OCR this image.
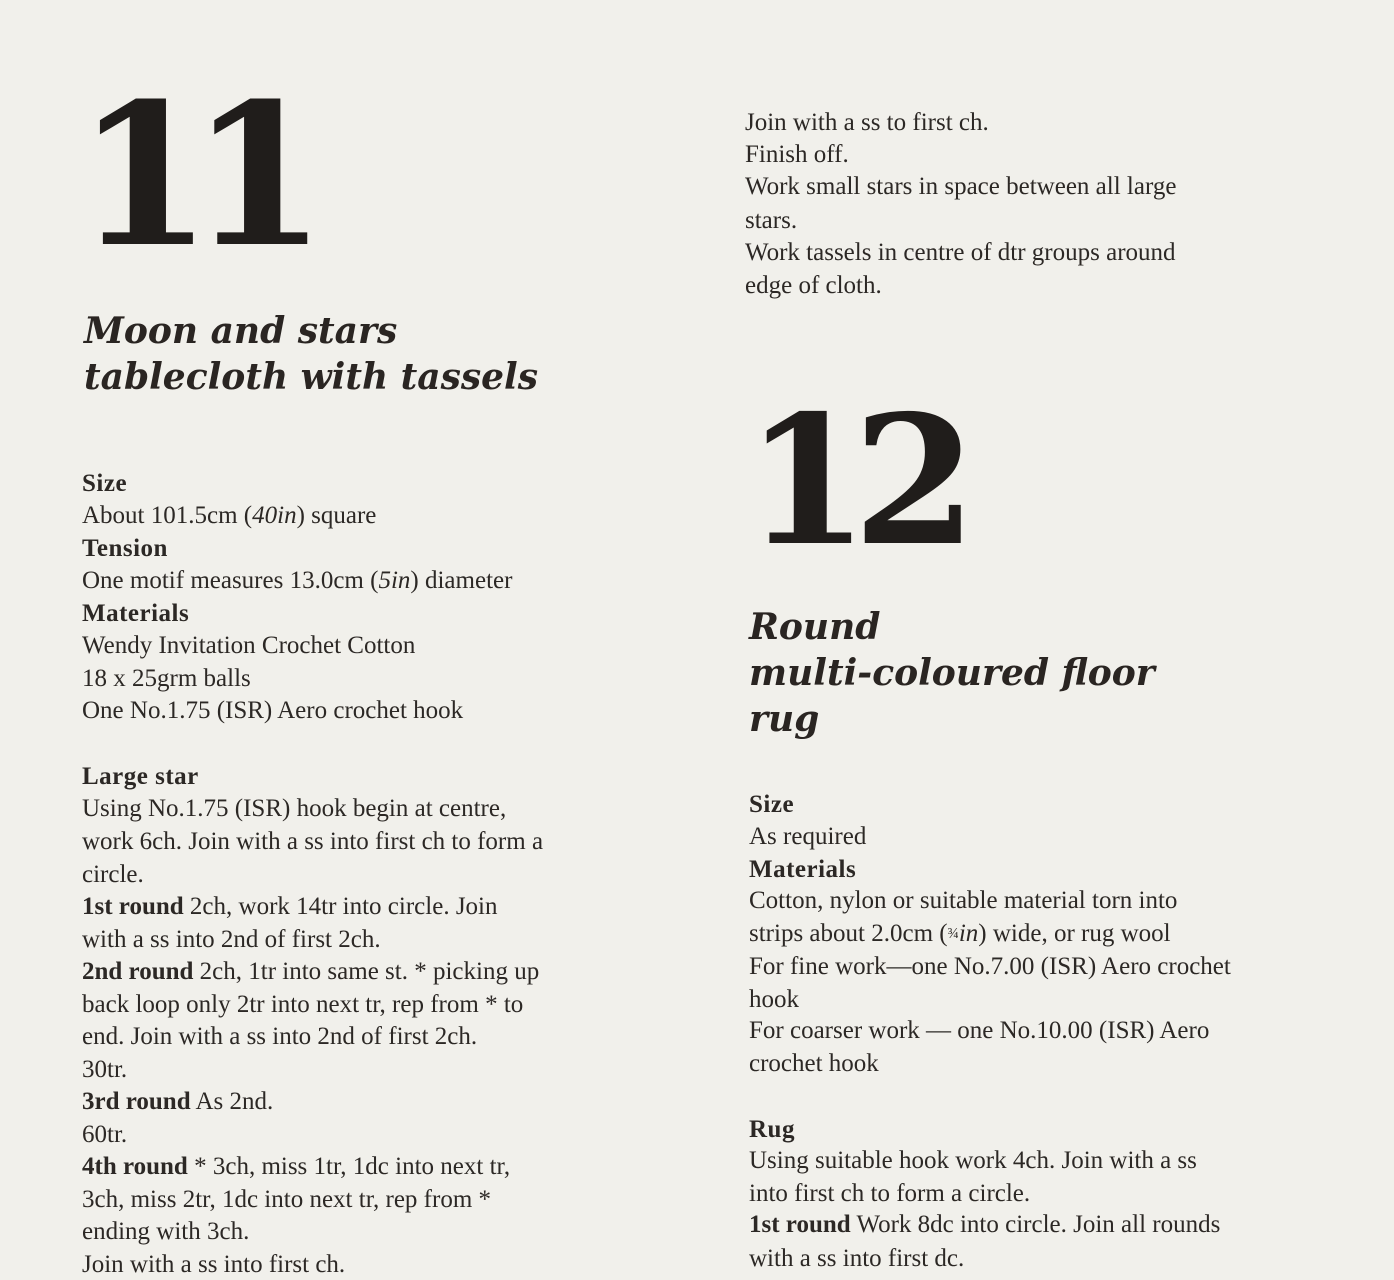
11
Moon and stars
tablecloth with tassels
Size
About 101.5cm (40in) square
Tension
One motif measures 13.0cm (5in) diameter
Materials
Wendy Invitation Crochet Cotton
18 x 25grm balls
One No.1.75 (ISR) Aero crochet hook
Large star
Using No.1.75 (ISR) hook begin at centre,
work 6ch. Join with a ss into first ch to form a
circle.
1st round 2ch, work 14tr into circle. Join
with a ss into 2nd of first 2ch.
2nd round 2ch, 1tr into same st. * picking up
back loop only 2tr into next tr, rep from * to
end. Join with a ss into 2nd of first 2ch.
30tr.
3rd round As 2nd.
60tr.
4th round * 3ch, miss 1tr, 1dc into next tr,
3ch, miss 2tr, 1dc into next tr, rep from *
ending with 3ch.
Join with a ss into first ch.
Join with a ss to first ch.
Finish off.
Work small stars in space between all large
stars.
Work tassels in centre of dtr groups around
edge of cloth.
12
Round
multi-coloured floor
rug
Size
As required
Materials
Cotton, nylon or suitable material torn into
strips about 2.0cm (¾in) wide, or rug wool
For fine work—one No.7.00 (ISR) Aero crochet
hook
For coarser work — one No.10.00 (ISR) Aero
crochet hook
Rug
Using suitable hook work 4ch. Join with a ss
into first ch to form a circle.
1st round Work 8dc into circle. Join all rounds
with a ss into first dc.
